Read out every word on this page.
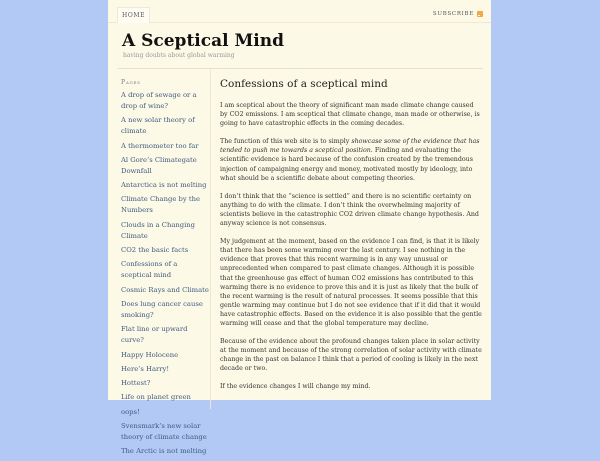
HOME	SUBSCRIBE
A Sceptical Mind
having doubts about global warming
Pages
A drop of sewage or a drop of wine?
A new solar theory of climate
A thermometer too far
Al Gore’s Climategate Downfall
Antarctica is not melting
Climate Change by the Numbers
Clouds in a Changing Climate
CO2 the basic facts
Confessions of a sceptical mind
Cosmic Rays and Climate
Does lung cancer cause smoking?
Flat line or upward curve?
Happy Holocene
Here’s Harry!
Hottest?
Life on planet green
oops!
Svensmark’s new solar theory of climate change
The Arctic is not melting
Confessions of a sceptical mind

I am sceptical about the theory of significant man made climate change caused by CO2 emissions. I am sceptical that climate change, man made or otherwise, is going to have catastrophic effects in the coming decades.

The function of this web site is to simply showcase some of the evidence that has tended to push me towards a sceptical position. Finding and evaluating the scientific evidence is hard because of the confusion created by the tremendous injection of campaigning energy and money, motivated mostly by ideology, into what should be a scientific debate about competing theories.

I don’t think that the “science is settled” and there is no scientific certainty on anything to do with the climate. I don’t think the overwhelming majority of scientists believe in the catastrophic CO2 driven climate change hypothesis. And anyway science is not consensus.

My judgement at the moment, based on the evidence I can find, is that it is likely that there has been some warming over the last century. I see nothing in the evidence that proves that this recent warming is in any way unusual or unprecedented when compared to past climate changes. Although it is possible that the greenhouse gas effect of human CO2 emissions has contributed to this warming there is no evidence to prove this and it is just as likely that the bulk of the recent warming is the result of natural processes. It seems possible that this gentle warming may continue but I do not see evidence that if it did that it would have catastrophic effects. Based on the evidence it is also possible that the gentle warming will cease and that the global temperature may decline.

Because of the evidence about the profound changes taken place in solar activity at the moment and because of the strong correlation of solar activity with climate change in the past on balance I think that a period of cooling is likely in the next decade or two.

If the evidence changes I will change my mind.
